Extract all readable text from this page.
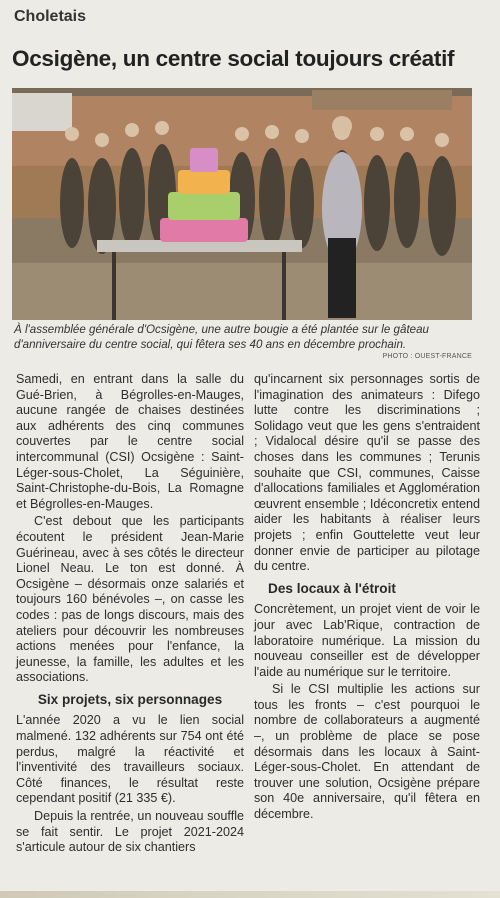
Choletais
Ocsigène, un centre social toujours créatif
À l'assemblée générale d'Ocsigène, une autre bougie a été plantée sur le gâteau d'anniversaire du centre social, qui fêtera ses 40 ans en décembre prochain.
PHOTO : OUEST-FRANCE

Samedi, en entrant dans la salle du Gué-Brien, à Bégrolles-en-Mauges, aucune rangée de chaises destinées aux adhérents des cinq communes couvertes par le centre social intercommunal (CSI) Ocsigène : Saint-Léger-sous-Cholet, La Séguinière, Saint-Christophe-du-Bois, La Romagne et Bégrolles-en-Mauges.

C'est debout que les participants écoutent le président Jean-Marie Guérineau, avec à ses côtés le directeur Lionel Neau. Le ton est donné. À Ocsigène – désormais onze salariés et toujours 160 bénévoles –, on casse les codes : pas de longs discours, mais des ateliers pour découvrir les nombreuses actions menées pour l'enfance, la jeunesse, la famille, les adultes et les associations.

Six projets, six personnages

L'année 2020 a vu le lien social malmené. 132 adhérents sur 754 ont été perdus, malgré la réactivité et l'inventivité des travailleurs sociaux. Côté finances, le résultat reste cependant positif (21 335 €).

Depuis la rentrée, un nouveau souffle se fait sentir. Le projet 2021-2024 s'articule autour de six chantiers

qu'incarnent six personnages sortis de l'imagination des animateurs : Difego lutte contre les discriminations ; Solidago veut que les gens s'entraident ; Vidalocal désire qu'il se passe des choses dans les communes ; Terunis souhaite que CSI, communes, Caisse d'allocations familiales et Agglomération œuvrent ensemble ; Idéconcretix entend aider les habitants à réaliser leurs projets ; enfin Gouttelette veut leur donner envie de participer au pilotage du centre.

Des locaux à l'étroit

Concrètement, un projet vient de voir le jour avec Lab'Rique, contraction de laboratoire numérique. La mission du nouveau conseiller est de développer l'aide au numérique sur le territoire.

Si le CSI multiplie les actions sur tous les fronts – c'est pourquoi le nombre de collaborateurs a augmenté –, un problème de place se pose désormais dans les locaux à Saint-Léger-sous-Cholet. En attendant de trouver une solution, Ocsigène prépare son 40e anniversaire, qu'il fêtera en décembre.
